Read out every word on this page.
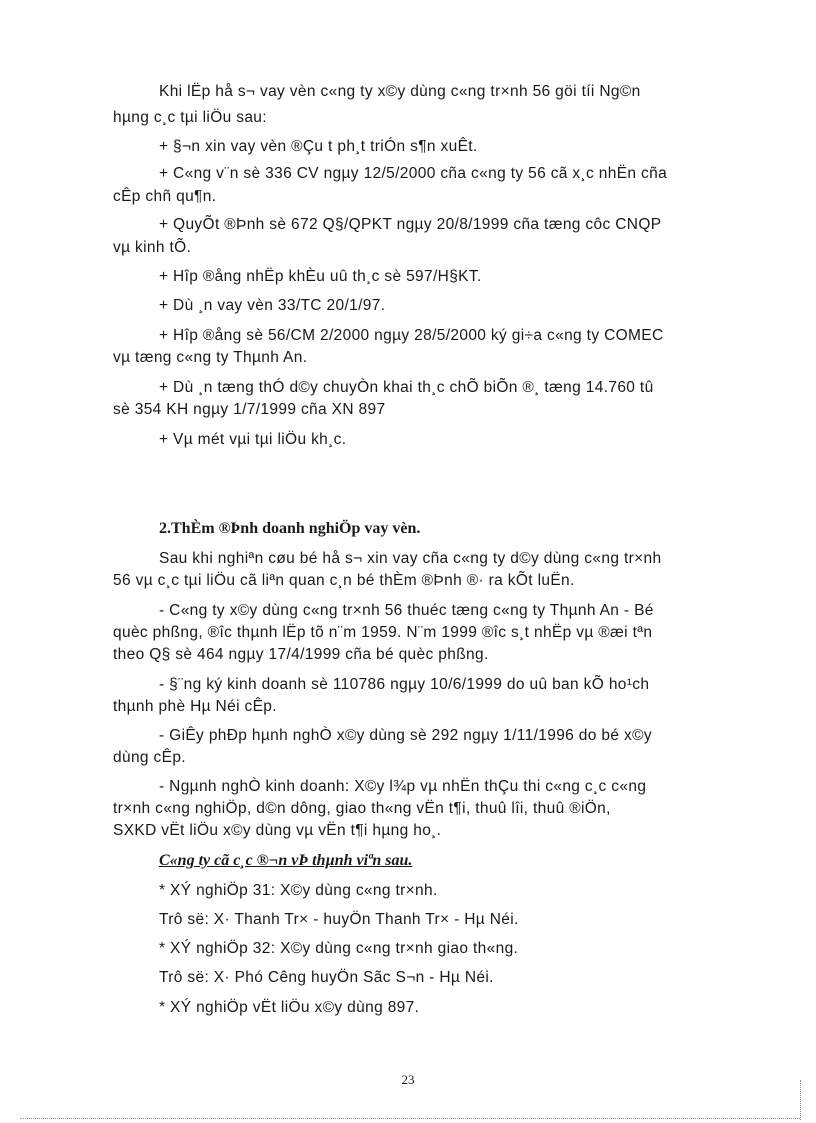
Khi lËp hå s¬ vay vèn c«ng ty x©y dùng c«ng tr×nh 56 göi tíi Ng©n
hµng c¸c tµi liÖu sau:
+ §¬n xin vay vèn ®Çu t ph¸t triÓn s¶n xuÊt.
+ C«ng v¨n sè 336 CV ngµy 12/5/2000 cña c«ng ty 56 cã x¸c nhËn cña
cÊp chñ qu¶n.
+ QuyÕt ®Þnh sè 672 Q§/QPKT ngµy 20/8/1999 cña tæng côc CNQP
vµ kinh tÕ.
+ Hîp ®ång nhËp khÈu uû th¸c sè 597/H§KT.
+ Dù ¸n vay vèn 33/TC 20/1/97.
+ Hîp ®ång sè 56/CM 2/2000 ngµy 28/5/2000 ký gi÷a c«ng ty COMEC
vµ tæng c«ng ty Thµnh An.
+ Dù ¸n tæng thÓ d©y chuyÒn khai th¸c chÕ biÕn ®¸ tæng 14.760 tû
sè 354 KH ngµy 1/7/1999 cña XN 897
+ Vµ mét vµi tµi liÖu kh¸c.
2.ThÈm ®Þnh doanh nghiÖp vay vèn.
Sau khi nghiªn cøu bé hå s¬ xin vay cña c«ng ty d©y dùng c«ng tr×nh
56 vµ c¸c tµi liÖu cã liªn quan c¸n bé thÈm ®Þnh ®· ra kÕt luËn.
- C«ng ty x©y dùng c«ng tr×nh 56 thuéc tæng c«ng ty Thµnh An - Bé
quèc phßng, ®îc thµnh lËp tõ n¨m 1959. N¨m 1999 ®îc s¸t nhËp vµ ®æi tªn
theo Q§ sè 464 ngµy 17/4/1999 cña bé quèc phßng.
- §¨ng ký kinh doanh sè 110786 ngµy 10/6/1999 do uû ban kÕ ho¹ch
thµnh phè Hµ Néi cÊp.
- GiÊy phÐp hµnh nghÒ x©y dùng sè 292 ngµy 1/11/1996 do bé x©y
dùng cÊp.
- Ngµnh nghÒ kinh doanh: X©y l¾p vµ nhËn thÇu thi c«ng c¸c c«ng
tr×nh c«ng nghiÖp, d©n dông, giao th«ng vËn t¶i, thuû lîi, thuû ®iÖn,
SXKD vËt liÖu x©y dùng vµ vËn t¶i hµng ho¸.
C«ng ty cã c¸c ®¬n vÞ thµnh viªn sau.
* XÝ nghiÖp 31: X©y dùng c«ng tr×nh.
Trô së: X· Thanh Tr× - huyÖn Thanh Tr× - Hµ Néi.
* XÝ nghiÖp 32: X©y dùng c«ng tr×nh giao th«ng.
Trô së: X· Phó Cêng huyÖn Sãc S¬n - Hµ Néi.
* XÝ nghiÖp vËt liÖu x©y dùng 897.
23
